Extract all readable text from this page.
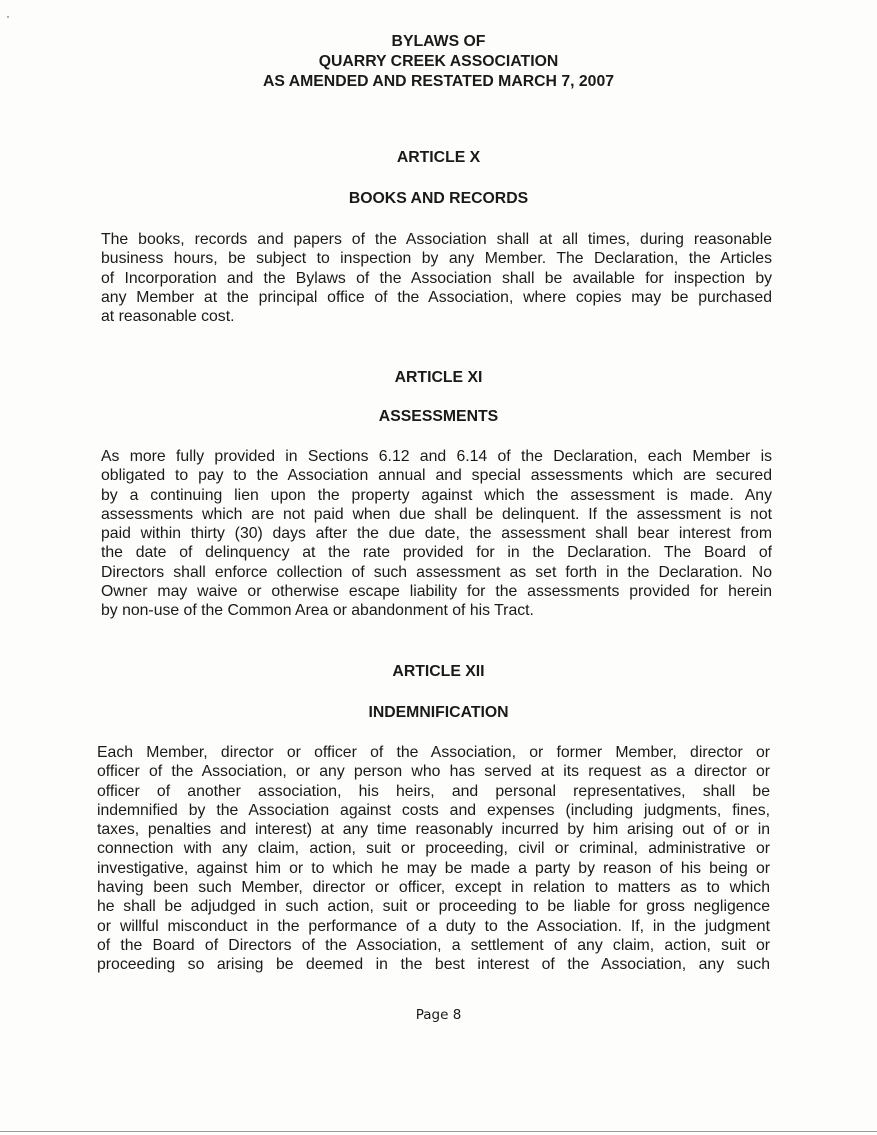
BYLAWS OF
QUARRY CREEK ASSOCIATION
AS AMENDED AND RESTATED MARCH 7, 2007
ARTICLE X
BOOKS AND RECORDS
The books, records and papers of the Association shall at all times, during reasonable
business hours, be subject to inspection by any Member. The Declaration, the Articles
of Incorporation and the Bylaws of the Association shall be available for inspection by
any Member at the principal office of the Association, where copies may be purchased
at reasonable cost.
ARTICLE XI
ASSESSMENTS
As more fully provided in Sections 6.12 and 6.14 of the Declaration, each Member is
obligated to pay to the Association annual and special assessments which are secured
by a continuing lien upon the property against which the assessment is made. Any
assessments which are not paid when due shall be delinquent. If the assessment is not
paid within thirty (30) days after the due date, the assessment shall bear interest from
the date of delinquency at the rate provided for in the Declaration. The Board of
Directors shall enforce collection of such assessment as set forth in the Declaration. No
Owner may waive or otherwise escape liability for the assessments provided for herein
by non-use of the Common Area or abandonment of his Tract.
ARTICLE XII
INDEMNIFICATION
Each Member, director or officer of the Association, or former Member, director or
officer of the Association, or any person who has served at its request as a director or
officer of another association, his heirs, and personal representatives, shall be
indemnified by the Association against costs and expenses (including judgments, fines,
taxes, penalties and interest) at any time reasonably incurred by him arising out of or in
connection with any claim, action, suit or proceeding, civil or criminal, administrative or
investigative, against him or to which he may be made a party by reason of his being or
having been such Member, director or officer, except in relation to matters as to which
he shall be adjudged in such action, suit or proceeding to be liable for gross negligence
or willful misconduct in the performance of a duty to the Association. If, in the judgment
of the Board of Directors of the Association, a settlement of any claim, action, suit or
proceeding so arising be deemed in the best interest of the Association, any such
Page 8
